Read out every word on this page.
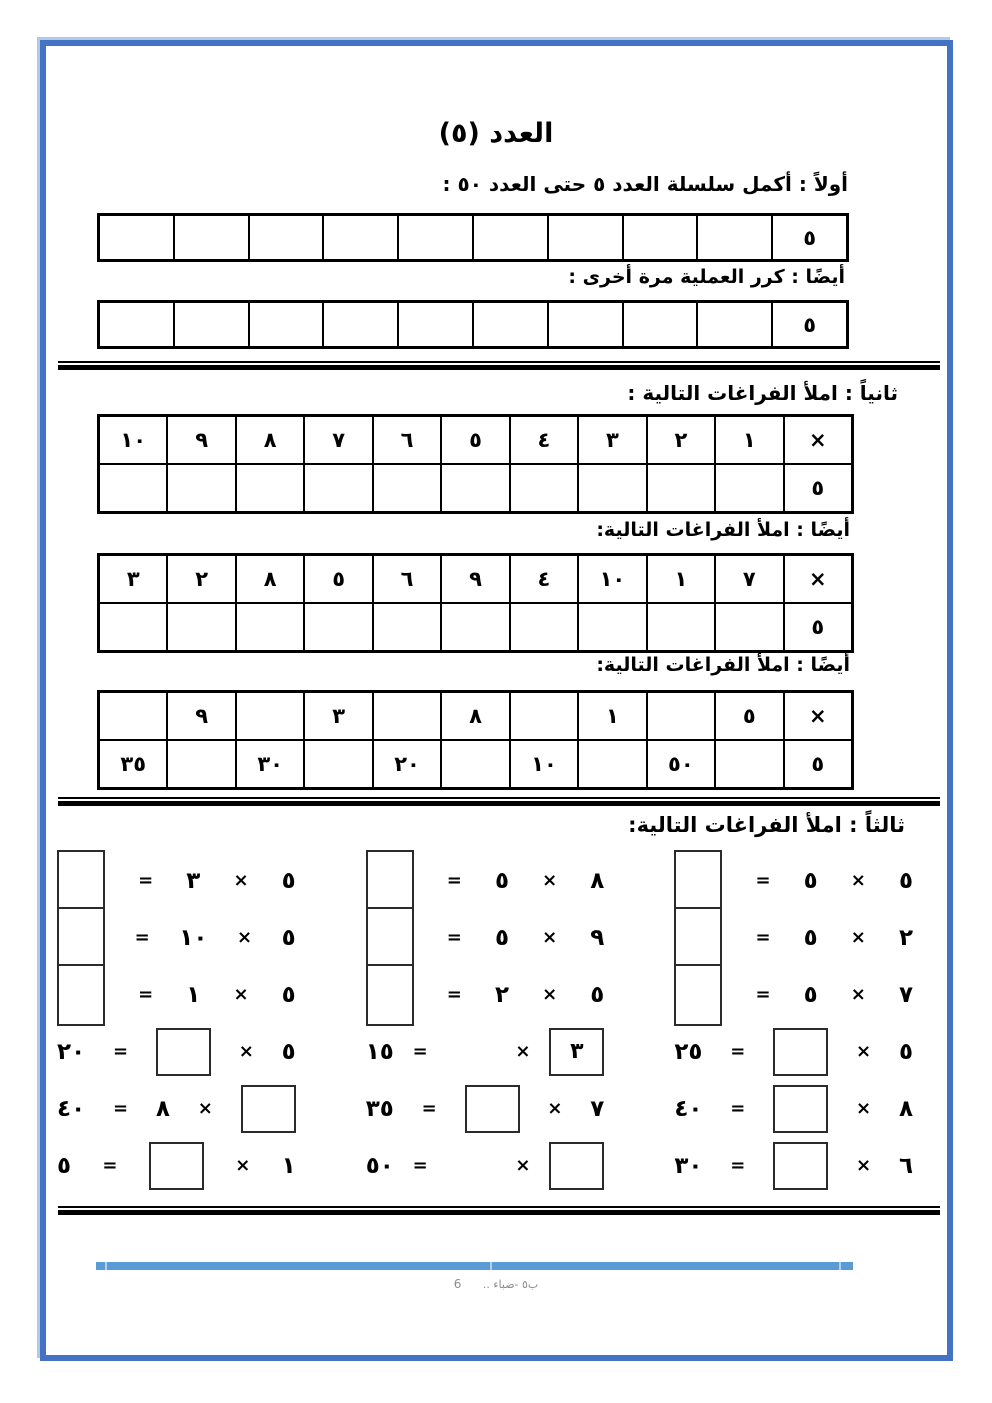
العدد (٥)
أولاً : أكمل سلسلة العدد ٥ حتى العدد ٥٠ :
٥
أيضًا : كرر العملية مرة أخرى :
٥
ثانياً : املأ الفراغات التالية :
×
١
٢
٣
٤
٥
٦
٧
٨
٩
١٠
٥
أيضًا : املأ الفراغات التالية:
×
٧
١
١٠
٤
٩
٦
٥
٨
٢
٣
٥
أيضًا : املأ الفراغات التالية:
×
٥
١
٨
٣
٩
٥
٥٠
١٠
٢٠
٣٠
٣٥
ثالثاً : املأ الفراغات التالية:
٥
×
٥
=
٨
×
٥
=
٥
×
٣
=
٢
×
٥
=
٩
×
٥
=
٥
×
١٠
=
٧
×
٥
=
٥
×
٢
=
٥
×
١
=
٥
×
=
٢٥
٣
×
=
١٥
٥
×
=
٢٠
٨
×
=
٤٠
٧
×
=
٣٥
×
٨
=
٤٠
٦
×
=
٣٠
×
=
٥٠
١
×
=
٥
ب٥ -ضباء .. 6
